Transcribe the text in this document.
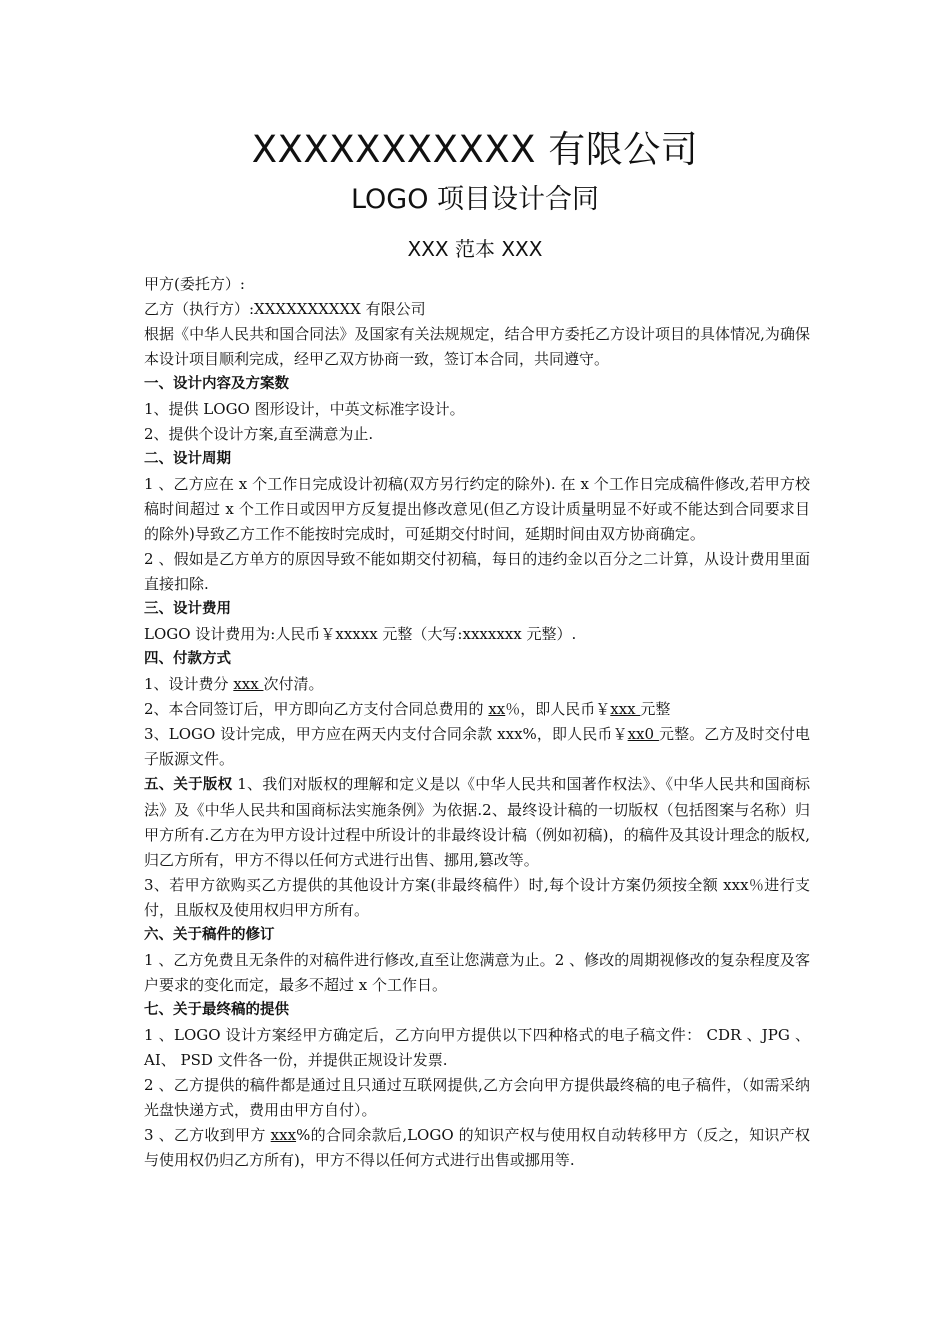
XXXXXXXXXXX 有限公司
LOGO 项目设计合同
XXX 范本 XXX

甲方(委托方）:

乙方（执行方）:XXXXXXXXXX 有限公司

根据《中华人民共和国合同法》及国家有关法规规定，结合甲方委托乙方设计项目的具体情况,为确保本设计项目顺利完成，经甲乙双方协商一致，签订本合同，共同遵守。

一、设计内容及方案数

1、提供 LOGO 图形设计，中英文标准字设计。

2、提供个设计方案,直至满意为止.

二、设计周期

1 、乙方应在 x 个工作日完成设计初稿(双方另行约定的除外). 在 x 个工作日完成稿件修改,若甲方校稿时间超过 x 个工作日或因甲方反复提出修改意见(但乙方设计质量明显不好或不能达到合同要求目的除外)导致乙方工作不能按时完成时，可延期交付时间，延期时间由双方协商确定。

2 、假如是乙方单方的原因导致不能如期交付初稿，每日的违约金以百分之二计算，从设计费用里面直接扣除.

三、设计费用

LOGO 设计费用为:人民币￥xxxxx 元整（大写:xxxxxxx 元整）.

四、付款方式

1、设计费分 xxx 次付清。

2、本合同签订后，甲方即向乙方支付合同总费用的 xx％，即人民币￥xxx 元整

3、LOGO 设计完成，甲方应在两天内支付合同余款 xxx%，即人民币￥xx0 元整。乙方及时交付电子版源文件。

五、关于版权 1、我们对版权的理解和定义是以《中华人民共和国著作权法》、《中华人民共和国商标法》及《中华人民共和国商标法实施条例》为依据.2、最终设计稿的一切版权（包括图案与名称）归甲方所有.乙方在为甲方设计过程中所设计的非最终设计稿（例如初稿)，的稿件及其设计理念的版权,归乙方所有，甲方不得以任何方式进行出售、挪用,篡改等。

3、若甲方欲购买乙方提供的其他设计方案(非最终稿件）时,每个设计方案仍须按全额 xxx％进行支付，且版权及使用权归甲方所有。

六、关于稿件的修订

1 、乙方免费且无条件的对稿件进行修改,直至让您满意为止。2 、修改的周期视修改的复杂程度及客户要求的变化而定，最多不超过 x 个工作日。

七、关于最终稿的提供

1 、LOGO 设计方案经甲方确定后，乙方向甲方提供以下四种格式的电子稿文件： CDR 、JPG 、AI、 PSD 文件各一份，并提供正规设计发票.

2 、乙方提供的稿件都是通过且只通过互联网提供,乙方会向甲方提供最终稿的电子稿件，（如需采纳光盘快递方式，费用由甲方自付）。

3 、乙方收到甲方 xxx%的合同余款后,LOGO 的知识产权与使用权自动转移甲方（反之，知识产权与使用权仍归乙方所有)，甲方不得以任何方式进行出售或挪用等.
